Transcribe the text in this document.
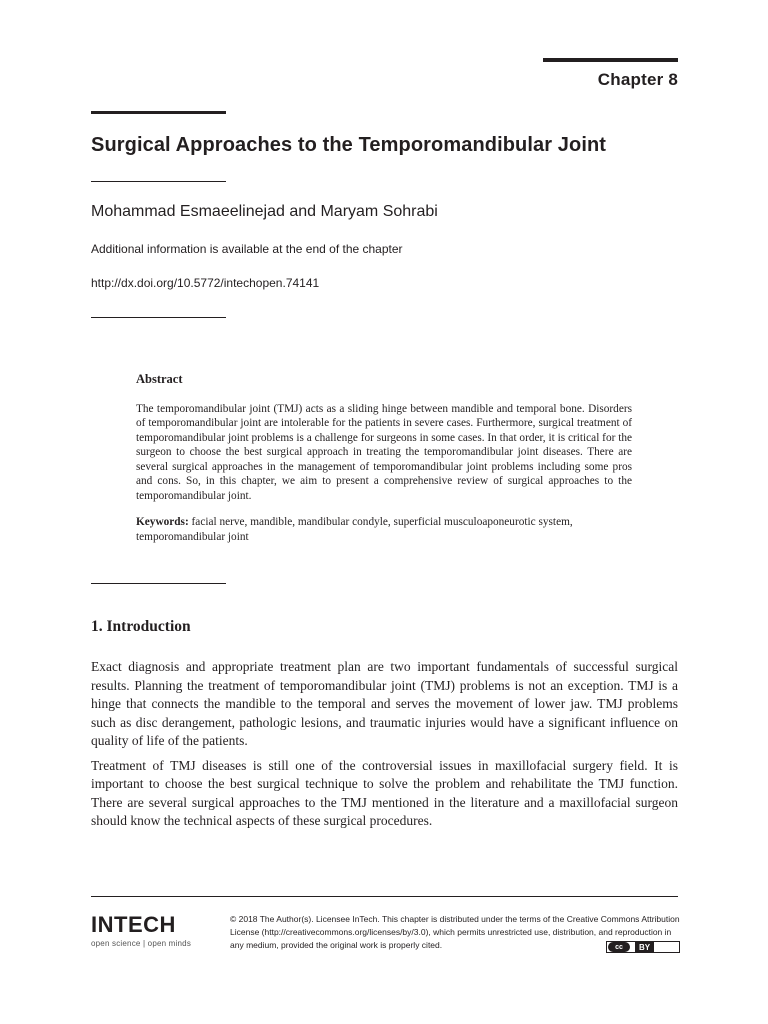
Chapter 8
Surgical Approaches to the Temporomandibular Joint
Mohammad Esmaeelinejad and Maryam Sohrabi
Additional information is available at the end of the chapter
http://dx.doi.org/10.5772/intechopen.74141
Abstract

The temporomandibular joint (TMJ) acts as a sliding hinge between mandible and temporal bone. Disorders of temporomandibular joint are intolerable for the patients in severe cases. Furthermore, surgical treatment of temporomandibular joint problems is a challenge for surgeons in some cases. In that order, it is critical for the surgeon to choose the best surgical approach in treating the temporomandibular joint diseases. There are several surgical approaches in the management of temporomandibular joint problems including some pros and cons. So, in this chapter, we aim to present a comprehensive review of surgical approaches to the temporomandibular joint.

Keywords: facial nerve, mandible, mandibular condyle, superficial musculoaponeurotic system, temporomandibular joint

1. Introduction

Exact diagnosis and appropriate treatment plan are two important fundamentals of successful surgical results. Planning the treatment of temporomandibular joint (TMJ) problems is not an exception. TMJ is a hinge that connects the mandible to the temporal and serves the movement of lower jaw. TMJ problems such as disc derangement, pathologic lesions, and traumatic injuries would have a significant influence on quality of life of the patients.

Treatment of TMJ diseases is still one of the controversial issues in maxillofacial surgery field. It is important to choose the best surgical technique to solve the problem and rehabilitate the TMJ function. There are several surgical approaches to the TMJ mentioned in the literature and a maxillofacial surgeon should know the technical aspects of these surgical procedures.

INTECH
open science | open minds
© 2018 The Author(s). Licensee InTech. This chapter is distributed under the terms of the Creative Commons Attribution License (http://creativecommons.org/licenses/by/3.0), which permits unrestricted use, distribution, and reproduction in any medium, provided the original work is properly cited.	cc	BY
